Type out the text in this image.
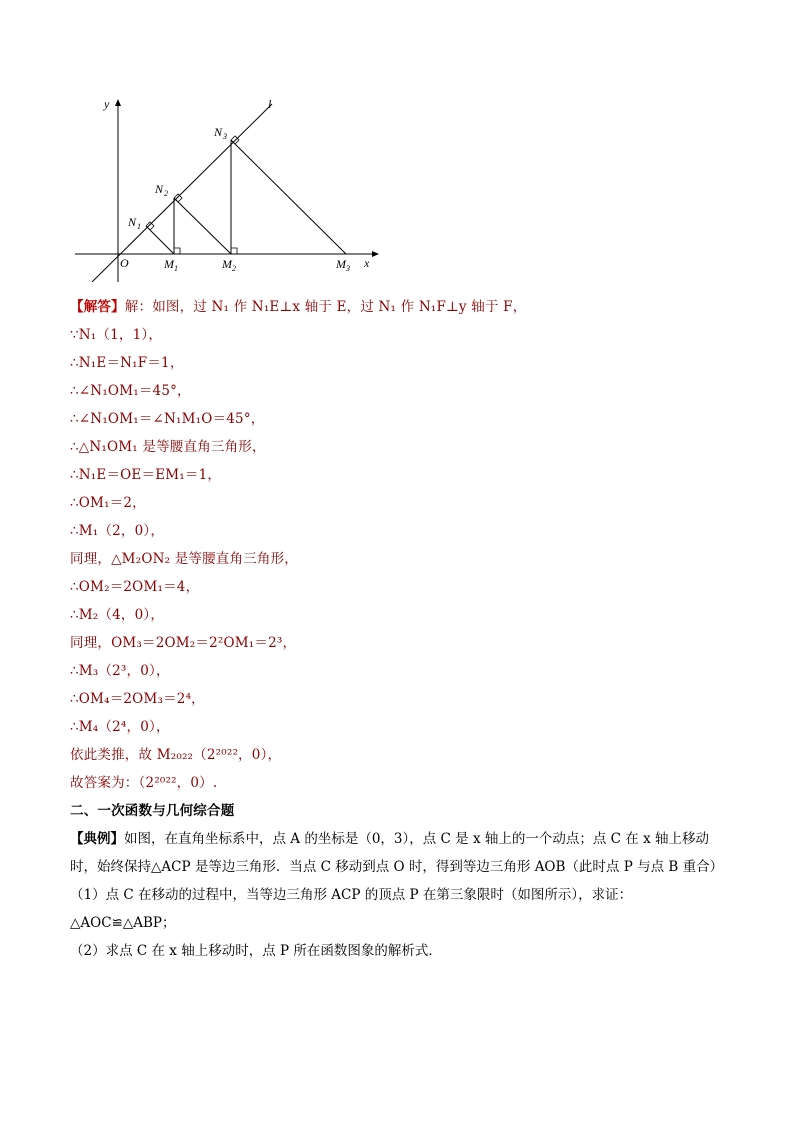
y
x
O
l
N 1
N 2
N 3
M 1	M 2	M 3
【解答】解：如图，过 N₁ 作 N₁E⊥x 轴于 E，过 N₁ 作 N₁F⊥y 轴于 F，
∵N₁（1，1），
∴N₁E＝N₁F＝1，
∴∠N₁OM₁＝45°，
∴∠N₁OM₁＝∠N₁M₁O＝45°，
∴△N₁OM₁ 是等腰直角三角形，
∴N₁E＝OE＝EM₁＝1，
∴OM₁＝2，
∴M₁（2，0），
同理，△M₂ON₂ 是等腰直角三角形，
∴OM₂＝2OM₁＝4，
∴M₂（4，0），
同理，OM₃＝2OM₂＝2²OM₁＝2³，
∴M₃（2³，0），
∴OM₄＝2OM₃＝2⁴，
∴M₄（2⁴，0），
依此类推，故 M₂₀₂₂（2²⁰²²，0），
故答案为：（2²⁰²²，0）.
二、一次函数与几何综合题
【典例】如图，在直角坐标系中，点 A 的坐标是（0，3），点 C 是 x 轴上的一个动点；点 C 在 x 轴上移动时，始终保持△ACP 是等边三角形．当点 C 移动到点 O 时，得到等边三角形 AOB（此时点 P 与点 B 重合）
（1）点 C 在移动的过程中，当等边三角形 ACP 的顶点 P 在第三象限时（如图所示），求证：△AOC≌△ABP；
（2）求点 C 在 x 轴上移动时，点 P 所在函数图象的解析式．
